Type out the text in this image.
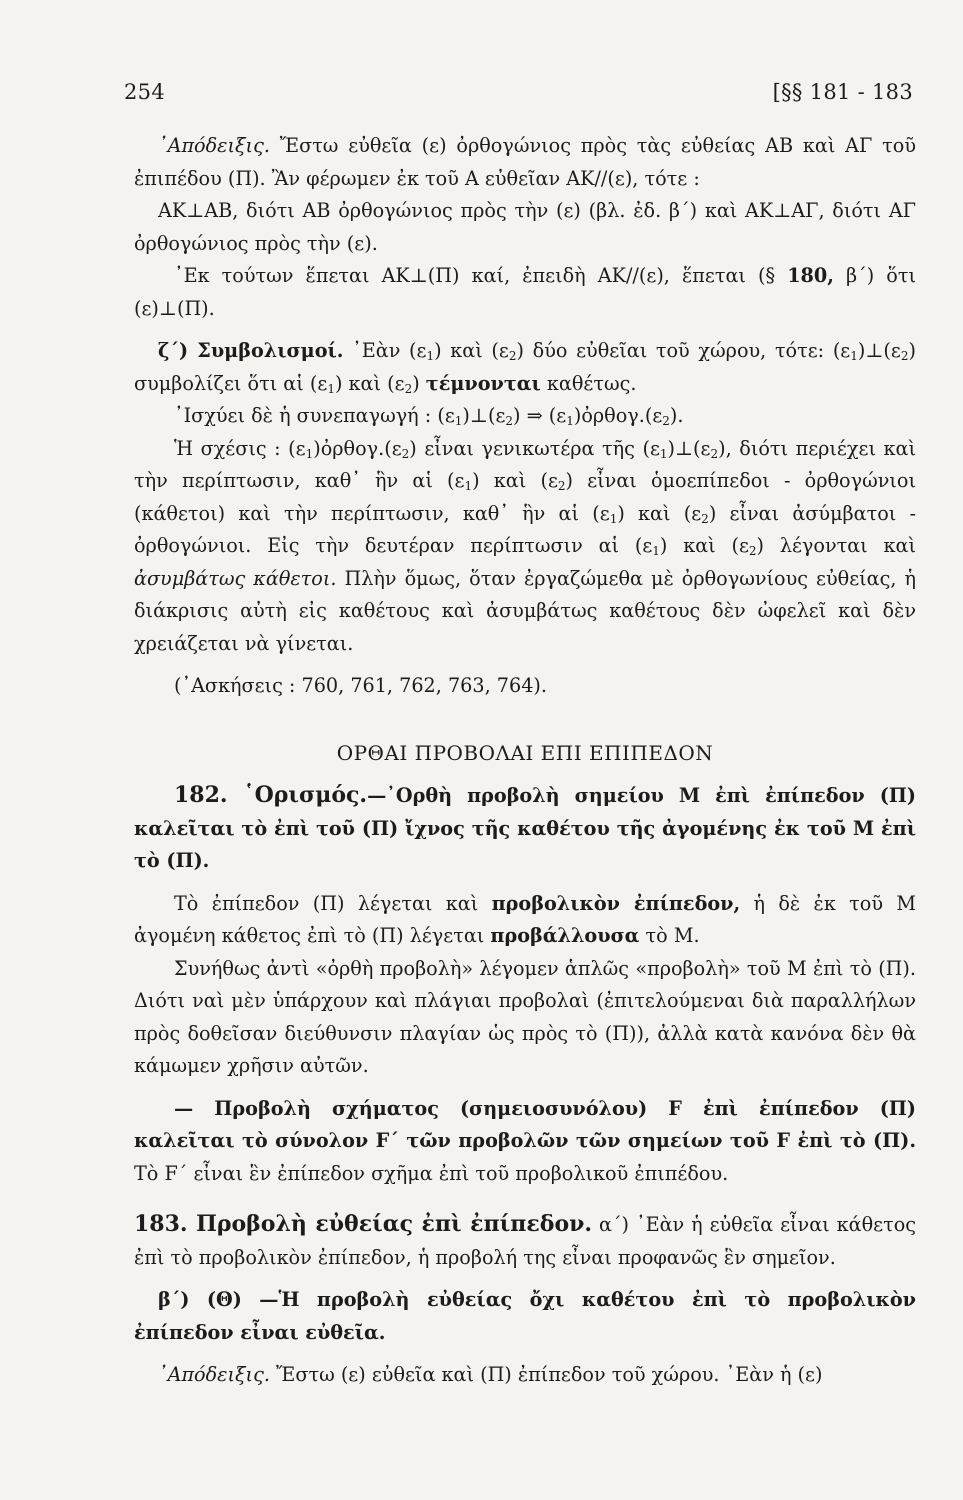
254	[§§ 181 - 183

᾿Απόδειξις. Ἔστω εὐθεῖα (ε) ὀρθογώνιος πρὸς τὰς εὐθείας ΑΒ καὶ ΑΓ τοῦ ἐπιπέδου (Π). Ἂν φέρωμεν ἐκ τοῦ Α εὐθεῖαν ΑΚ//(ε), τότε :

ΑΚ⊥ΑΒ, διότι ΑΒ ὀρθογώνιος πρὸς τὴν (ε) (βλ. ἐδ. β΄) καὶ ΑΚ⊥ΑΓ, διότι ΑΓ ὀρθογώνιος πρὸς τὴν (ε).

᾿Εκ τούτων ἕπεται ΑΚ⊥(Π) καί, ἐπειδὴ ΑΚ//(ε), ἕπεται (§ 180, β΄) ὅτι (ε)⊥(Π).

ζ΄) Συμβολισμοί. ᾿Εὰν $(\varepsilon_1)$ καὶ $(\varepsilon_2)$ δύο εὐθεῖαι τοῦ χώρου, τότε: $(\varepsilon_1)\perp(\varepsilon_2)$ συμβολίζει ὅτι αἱ $(\varepsilon_1)$ καὶ $(\varepsilon_2)$ τέμνονται καθέτως.

᾿Ισχύει δὲ ἡ συνεπαγωγή : $(\varepsilon_1)\perp(\varepsilon_2)$ ⇒ $(\varepsilon_1)ὀ\rho\theta o\gamma.(\varepsilon_2)$.

Ἡ σχέσις : $(\varepsilon_1)ὀ\rho\theta o\gamma.(\varepsilon_2)$ εἶναι γενικωτέρα τῆς $(\varepsilon_1)\perp(\varepsilon_2)$, διότι περιέχει καὶ τὴν περίπτωσιν, καθ᾿ ἣν αἱ $(\varepsilon_1)$ καὶ $(\varepsilon_2)$ εἶναι ὁμοεπίπεδοι - ὀρθογώνιοι (κάθετοι) καὶ τὴν περίπτωσιν, καθ᾿ ἣν αἱ $(\varepsilon_1)$ καὶ $(\varepsilon_2)$ εἶναι ἀσύμβατοι - ὀρθογώνιοι. Εἰς τὴν δευτέραν περίπτωσιν αἱ $(\varepsilon_1)$ καὶ $(\varepsilon_2)$ λέγονται καὶ ἀσυμβάτως κάθετοι. Πλὴν ὅμως, ὅταν ἐργαζώμεθα μὲ ὀρθογωνίους εὐθείας, ἡ διάκρισις αὐτὴ εἰς καθέτους καὶ ἀσυμβάτως καθέτους δὲν ὠφελεῖ καὶ δὲν χρειάζεται νὰ γίνεται.

(᾿Ασκήσεις : 760, 761, 762, 763, 764).

ΟΡΘΑΙ ΠΡΟΒΟΛΑΙ ΕΠΙ ΕΠΙΠΕΔΟΝ

182. ῾Ορισμός.—᾿Ορθὴ προβολὴ σημείου Μ ἐπὶ ἐπίπεδον (Π) καλεῖται τὸ ἐπὶ τοῦ (Π) ἴχνος τῆς καθέτου τῆς ἀγομένης ἐκ τοῦ Μ ἐπὶ τὸ (Π).

Τὸ ἐπίπεδον (Π) λέγεται καὶ προβολικὸν ἐπίπεδον, ἡ δὲ ἐκ τοῦ Μ ἀγομένη κάθετος ἐπὶ τὸ (Π) λέγεται προβάλλουσα τὸ Μ.

Συνήθως ἀντὶ «ὀρθὴ προβολὴ» λέγομεν ἁπλῶς «προβολὴ» τοῦ Μ ἐπὶ τὸ (Π). Διότι ναὶ μὲν ὑπάρχουν καὶ πλάγιαι προβολαὶ (ἐπιτελούμεναι διὰ παραλλήλων πρὸς δοθεῖσαν διεύθυνσιν πλαγίαν ὡς πρὸς τὸ (Π)), ἀλλὰ κατὰ κανόνα δὲν θὰ κάμωμεν χρῆσιν αὐτῶν.

— Προβολὴ σχήματος (σημειοσυνόλου) F ἐπὶ ἐπίπεδον (Π) καλεῖται τὸ σύνολον F΄ τῶν προβολῶν τῶν σημείων τοῦ F ἐπὶ τὸ (Π). Τὸ F΄ εἶναι ἓν ἐπίπεδον σχῆμα ἐπὶ τοῦ προβολικοῦ ἐπιπέδου.

183. Προβολὴ εὐθείας ἐπὶ ἐπίπεδον. α΄) ᾿Εὰν ἡ εὐθεῖα εἶναι κάθετος ἐπὶ τὸ προβολικὸν ἐπίπεδον, ἡ προβολή της εἶναι προφανῶς ἓν σημεῖον.

β΄) (Θ) —Ἡ προβολὴ εὐθείας ὄχι καθέτου ἐπὶ τὸ προβολικὸν ἐπίπεδον εἶναι εὐθεῖα.

᾿Απόδειξις. Ἔστω (ε) εὐθεῖα καὶ (Π) ἐπίπεδον τοῦ χώρου. ᾿Εὰν ἡ (ε)
